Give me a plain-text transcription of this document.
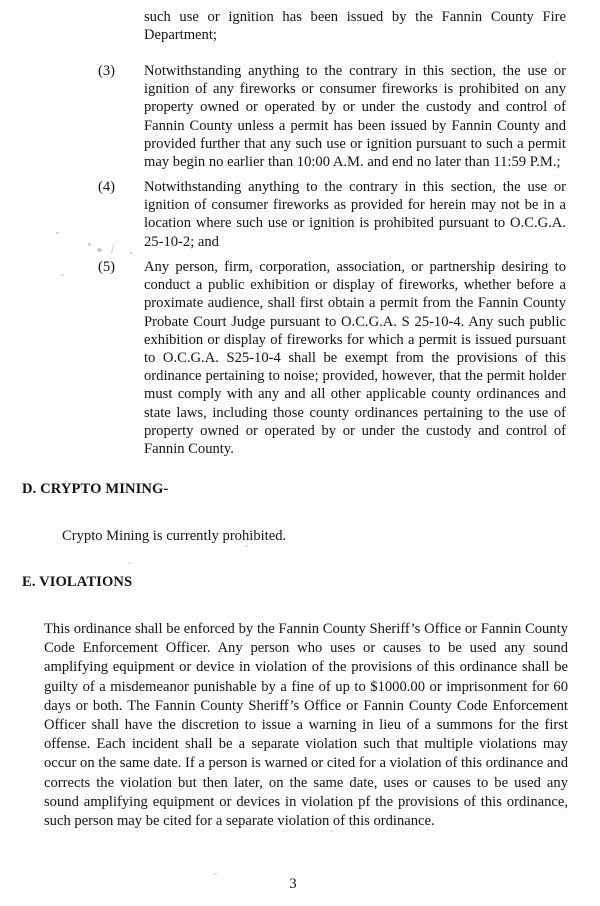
such use or ignition has been issued by the Fannin County Fire Department;
(3)	Notwithstanding anything to the contrary in this section, the use or ignition of any fireworks or consumer fireworks is prohibited on any property owned or operated by or under the custody and control of Fannin County unless a permit has been issued by Fannin County and provided further that any such use or ignition pursuant to such a permit may begin no earlier than 10:00 A.M. and end no later than 11:59 P.M.;
(4)	Notwithstanding anything to the contrary in this section, the use or ignition of consumer fireworks as provided for herein may not be in a location where such use or ignition is prohibited pursuant to O.C.G.A. 25-10-2; and
(5)	Any person, firm, corporation, association, or partnership desiring to conduct a public exhibition or display of fireworks, whether before a proximate audience, shall first obtain a permit from the Fannin County Probate Court Judge pursuant to O.C.G.A. S 25-10-4. Any such public exhibition or display of fireworks for which a permit is issued pursuant to O.C.G.A. S25-10-4 shall be exempt from the provisions of this ordinance pertaining to noise; provided, however, that the permit holder must comply with any and all other applicable county ordinances and state laws, including those county ordinances pertaining to the use of property owned or operated by or under the custody and control of Fannin County.
D. CRYPTO MINING-
Crypto Mining is currently prohibited.
E. VIOLATIONS
This ordinance shall be enforced by the Fannin County Sheriff’s Office or Fannin County Code Enforcement Officer. Any person who uses or causes to be used any sound amplifying equipment or device in violation of the provisions of this ordinance shall be guilty of a misdemeanor punishable by a fine of up to $1000.00 or imprisonment for 60 days or both. The Fannin County Sheriff’s Office or Fannin County Code Enforcement Officer shall have the discretion to issue a warning in lieu of a summons for the first offense. Each incident shall be a separate violation such that multiple violations may occur on the same date. If a person is warned or cited for a violation of this ordinance and corrects the violation but then later, on the same date, uses or causes to be used any sound amplifying equipment or devices in violation pf the provisions of this ordinance, such person may be cited for a separate violation of this ordinance.
3
